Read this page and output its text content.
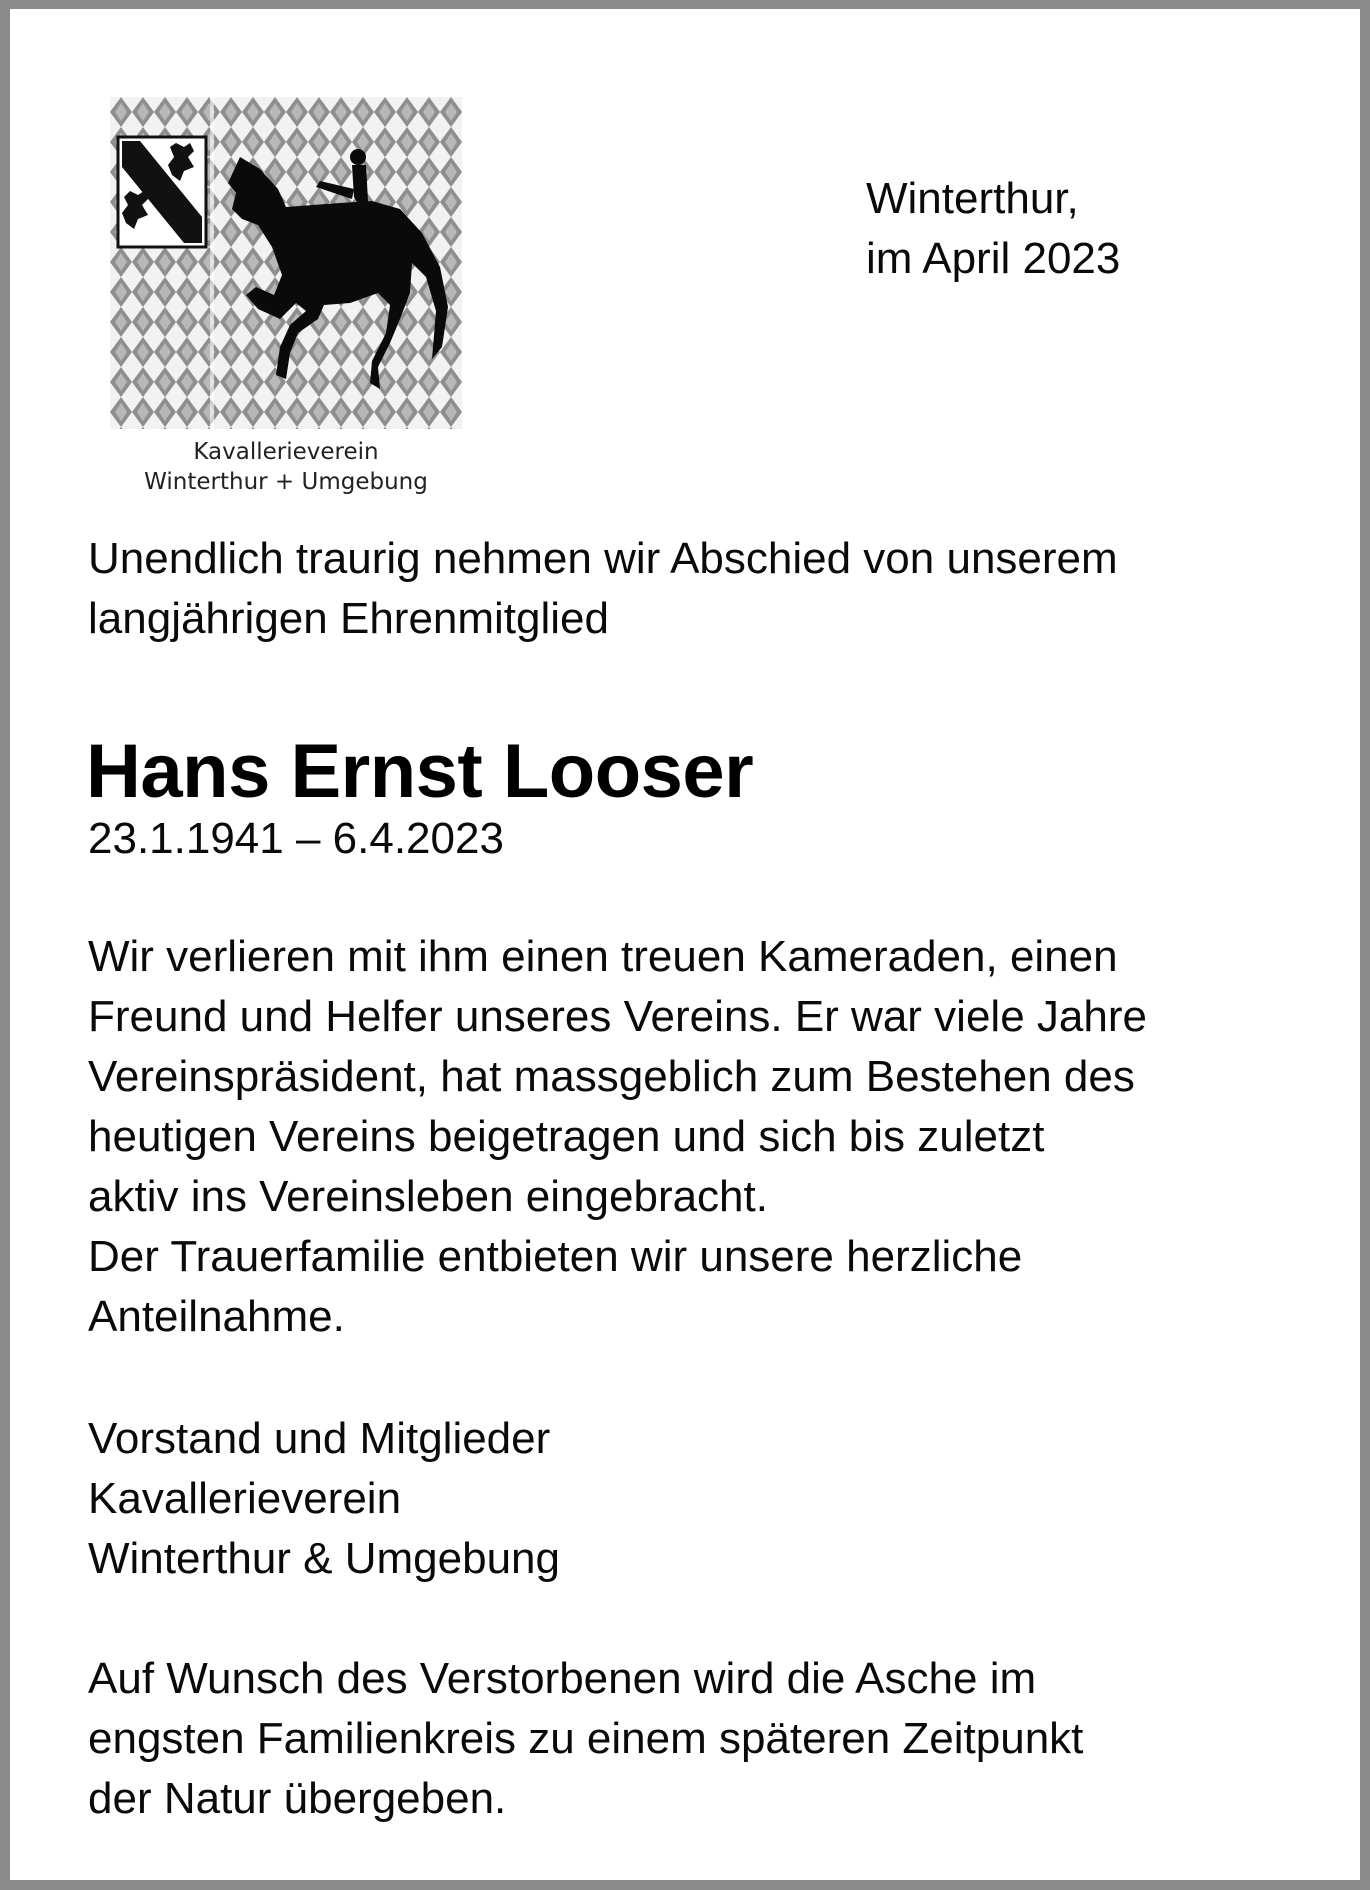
Kavallerieverein
Winterthur + Umgebung
Winterthur,
im April 2023
Unendlich traurig nehmen wir Abschied von unserem
langjährigen Ehrenmitglied
Hans Ernst Looser
23.1.1941 – 6.4.2023
Wir verlieren mit ihm einen treuen Kameraden, einen
Freund und Helfer unseres Vereins. Er war viele Jahre
Vereinspräsident, hat massgeblich zum Bestehen des
heutigen Vereins beigetragen und sich bis zuletzt
aktiv ins Vereinsleben eingebracht.
Der Trauerfamilie entbieten wir unsere herzliche
Anteilnahme.
Vorstand und Mitglieder
Kavallerieverein
Winterthur & Umgebung
Auf Wunsch des Verstorbenen wird die Asche im
engsten Familienkreis zu einem späteren Zeitpunkt
der Natur übergeben.
